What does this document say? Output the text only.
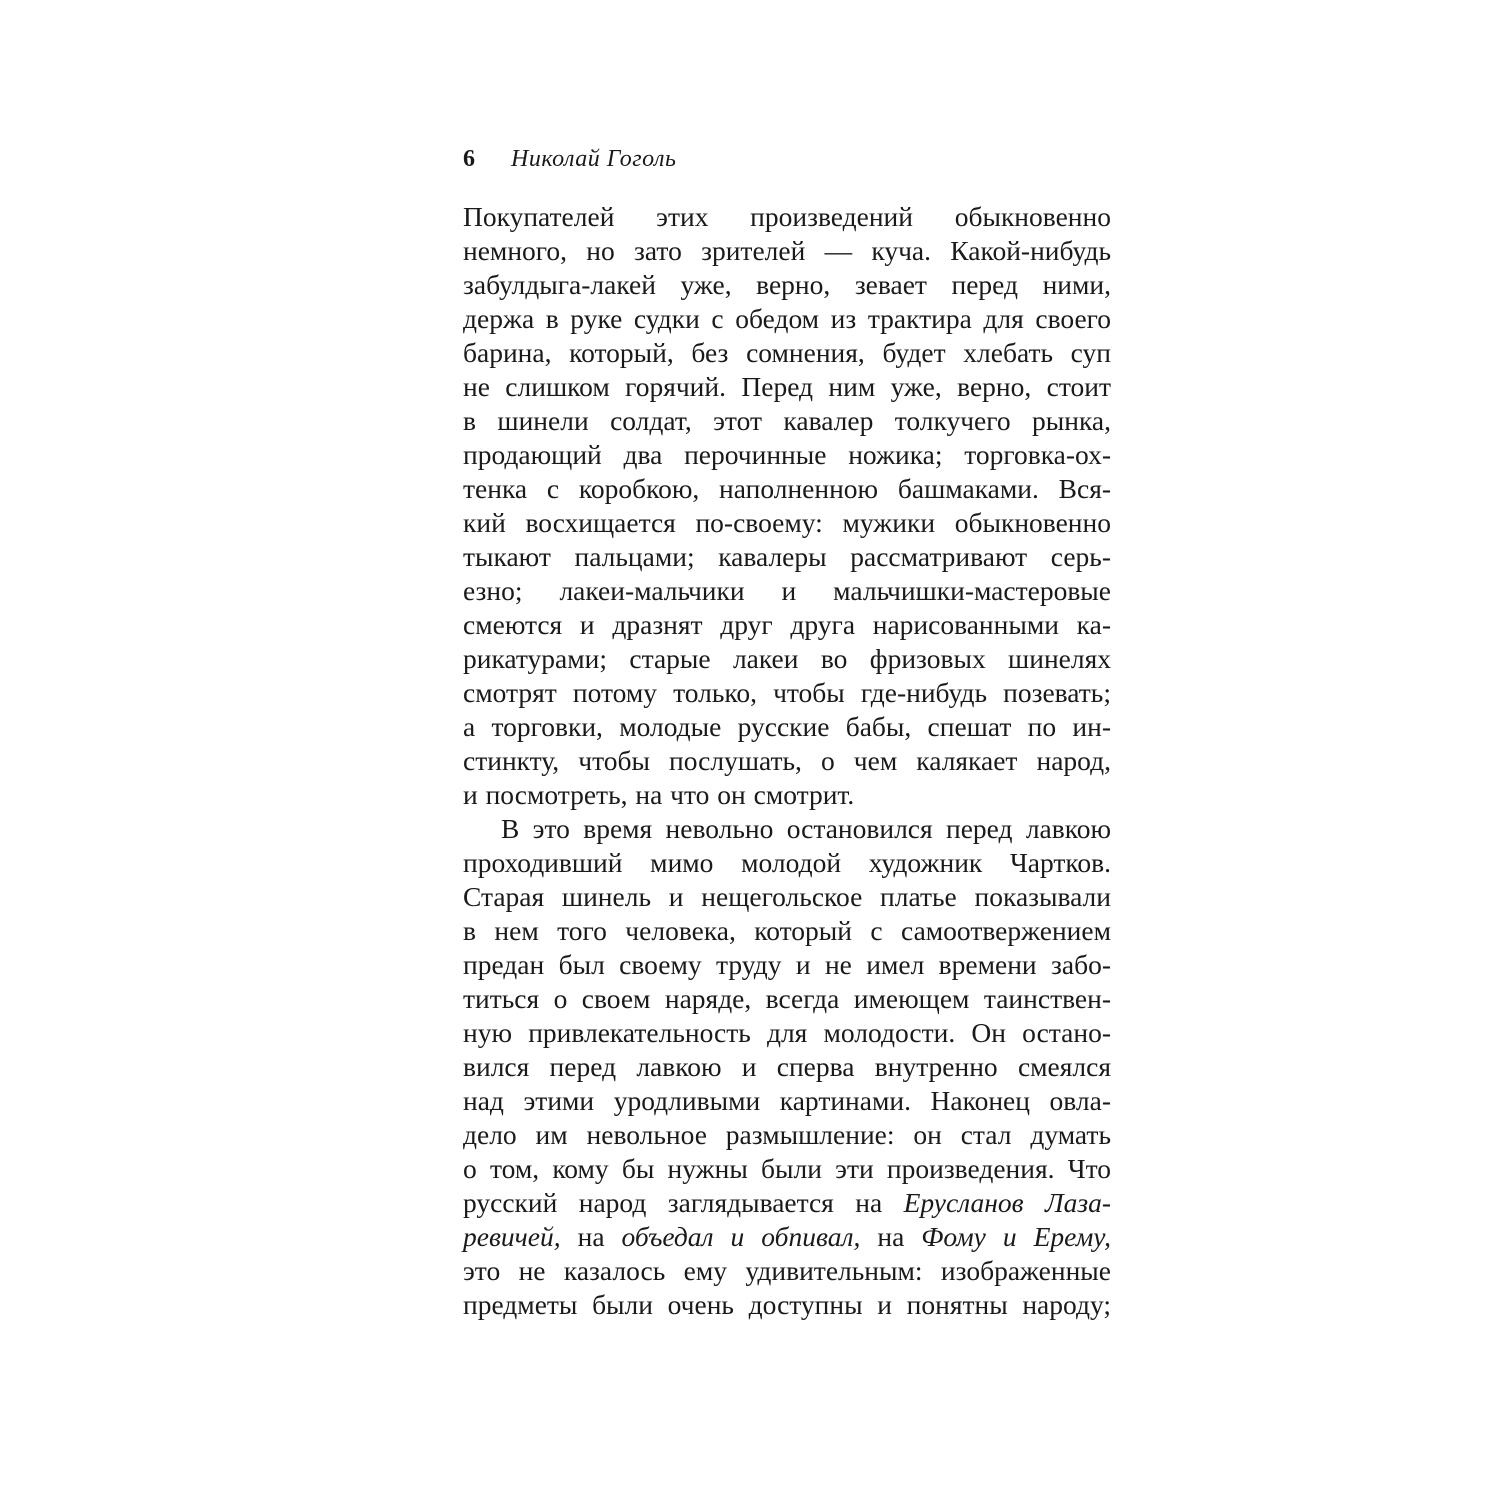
6 Николай Гоголь
Покупателей этих произведений обыкновенно
немного, но зато зрителей — куча. Какой-нибудь
забулдыга-лакей уже, верно, зевает перед ними,
держа в руке судки с обедом из трактира для своего
барина, который, без сомнения, будет хлебать суп
не слишком горячий. Перед ним уже, верно, стоит
в шинели солдат, этот кавалер толкучего рынка,
продающий два перочинные ножика; торговка-ох-
тенка с коробкою, наполненною башмаками. Вся-
кий восхищается по-своему: мужики обыкновенно
тыкают пальцами; кавалеры рассматривают серь-
езно; лакеи-мальчики и мальчишки-мастеровые
смеются и дразнят друг друга нарисованными ка-
рикатурами; старые лакеи во фризовых шинелях
смотрят потому только, чтобы где-нибудь позевать;
а торговки, молодые русские бабы, спешат по ин-
стинкту, чтобы послушать, о чем калякает народ,
и посмотреть, на что он смотрит.
В это время невольно остановился перед лавкою
проходивший мимо молодой художник Чартков.
Старая шинель и нещегольское платье показывали
в нем того человека, который с самоотвержением
предан был своему труду и не имел времени забо-
титься о своем наряде, всегда имеющем таинствен-
ную привлекательность для молодости. Он остано-
вился перед лавкою и сперва внутренно смеялся
над этими уродливыми картинами. Наконец овла-
дело им невольное размышление: он стал думать
о том, кому бы нужны были эти произведения. Что
русский народ заглядывается на Еруcланов Лаза-
ревичей, на объедал и обпивал, на Фому и Ерему,
это не казалось ему удивительным: изображенные
предметы были очень доступны и понятны народу;
